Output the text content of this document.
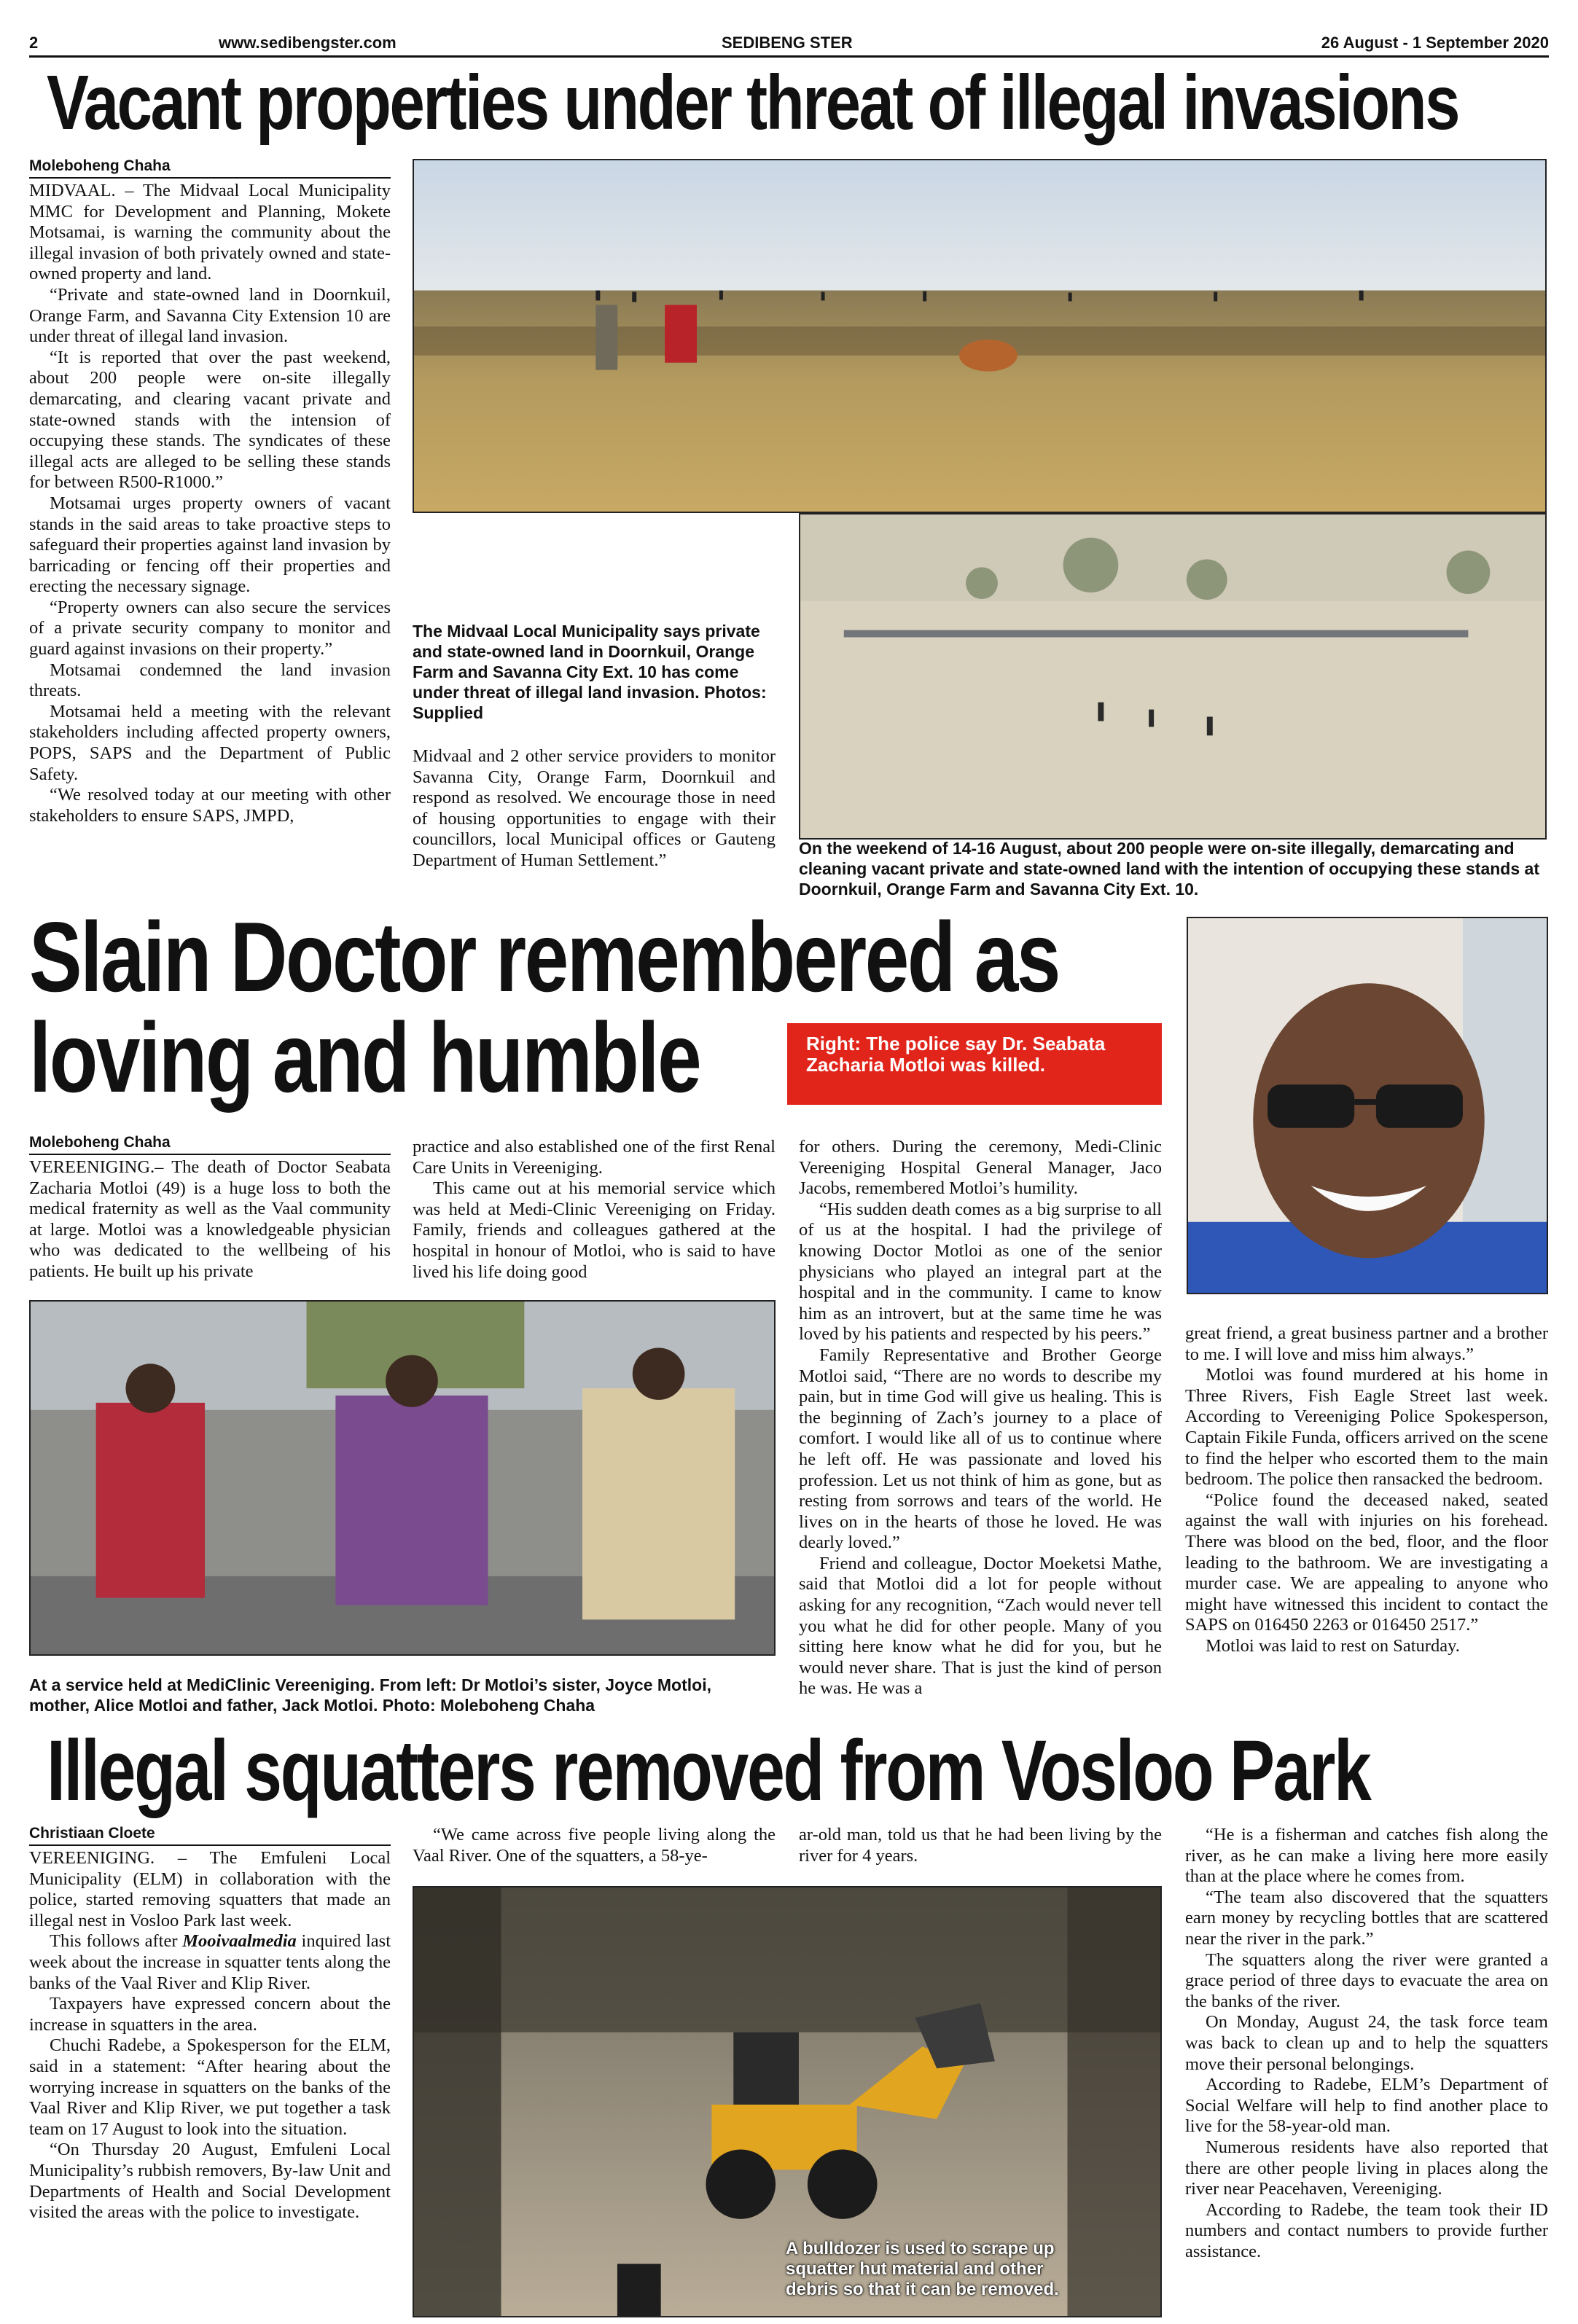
2	www.sedibengster.com	SEDIBENG STER	26 August - 1 September 2020
Vacant properties under threat of illegal invasions
Moleboheng Chaha

MIDVAAL. – The Midvaal Local Municipality MMC for Development and Planning, Mokete Motsamai, is warning the community about the illegal invasion of both privately owned and state-owned property and land.

“Private and state-owned land in Doornkuil, Orange Farm, and Savanna City Extension 10 are under threat of illegal land invasion.

“It is reported that over the past weekend, about 200 people were on-site illegally demarcating, and clearing vacant private and state-owned stands with the intension of occupying these stands. The syndicates of these illegal acts are alleged to be selling these stands for between R500-R1000.”

Motsamai urges property owners of vacant stands in the said areas to take proactive steps to safeguard their properties against land invasion by barricading or fencing off their properties and erecting the necessary signage.

“Property owners can also secure the services of a private security company to monitor and guard against invasions on their property.”

Motsamai condemned the land invasion threats.

Motsamai held a meeting with the relevant stakeholders including affected property owners, POPS, SAPS and the Department of Public Safety.

“We resolved today at our meeting with other stakeholders to ensure SAPS, JMPD,

The Midvaal Local Municipality says private and state-owned land in Doornkuil, Orange Farm and Savanna City Ext. 10 has come under threat of illegal land invasion. Photos: Supplied

Midvaal and 2 other service providers to monitor Savanna City, Orange Farm, Doornkuil and respond as resolved. We encourage those in need of housing opportunities to engage with their councillors, local Municipal offices or Gauteng Department of Human Settlement.”

On the weekend of 14-16 August, about 200 people were on-site illegally, demarcating and cleaning vacant private and state-owned land with the intention of occupying these stands at Doornkuil, Orange Farm and Savanna City Ext. 10.
Slain Doctor remembered as
loving and humble	Right: The police say Dr. Seabata Zacharia Motloi was killed.
Moleboheng Chaha

VEREENIGING.– The death of Doctor Seabata Zacharia Motloi (49) is a huge loss to both the medical fraternity as well as the Vaal community at large. Motloi was a knowledgeable physician who was dedicated to the wellbeing of his patients. He built up his private

practice and also established one of the first Renal Care Units in Vereeniging.

This came out at his memorial service which was held at Medi-Clinic Vereeniging on Friday. Family, friends and colleagues gathered at the hospital in honour of Motloi, who is said to have lived his life doing good

for others. During the ceremony, Medi-Clinic Vereeniging Hospital General Manager, Jaco Jacobs, remembered Motloi’s humility.

“His sudden death comes as a big surprise to all of us at the hospital. I had the privilege of knowing Doctor Motloi as one of the senior physicians who played an integral part at the hospital and in the community. I came to know him as an introvert, but at the same time he was loved by his patients and respected by his peers.”

Family Representative and Brother George Motloi said, “There are no words to describe my pain, but in time God will give us healing. This is the beginning of Zach’s journey to a place of comfort. I would like all of us to continue where he left off. He was passionate and loved his profession. Let us not think of him as gone, but as resting from sorrows and tears of the world. He lives on in the hearts of those he loved. He was dearly loved.”

Friend and colleague, Doctor Moeketsi Mathe, said that Motloi did a lot for people without asking for any recognition, “Zach would never tell you what he did for other people. Many of you sitting here know what he did for you, but he would never share. That is just the kind of person he was. He was a

great friend, a great business partner and a brother to me. I will love and miss him always.”

Motloi was found murdered at his home in Three Rivers, Fish Eagle Street last week. According to Vereeniging Police Spokesperson, Captain Fikile Funda, officers arrived on the scene to find the helper who escorted them to the main bedroom. The police then ransacked the bedroom.

“Police found the deceased naked, seated against the wall with injuries on his forehead. There was blood on the bed, floor, and the floor leading to the bathroom. We are investigating a murder case. We are appealing to anyone who might have witnessed this incident to contact the SAPS on 016450 2263 or 016450 2517.”

Motloi was laid to rest on Saturday.

At a service held at MediClinic Vereeniging. From left: Dr Motloi’s sister, Joyce Motloi, mother, Alice Motloi and father, Jack Motloi. Photo: Moleboheng Chaha
Illegal squatters removed from Vosloo Park
Christiaan Cloete

VEREENIGING. – The Emfuleni Local Municipality (ELM) in collaboration with the police, started removing squatters that made an illegal nest in Vosloo Park last week.

This follows after Mooivaalmedia inquired last week about the increase in squatter tents along the banks of the Vaal River and Klip River.

Taxpayers have expressed concern about the increase in squatters in the area.

Chuchi Radebe, a Spokesperson for the ELM, said in a statement: “After hearing about the worrying increase in squatters on the banks of the Vaal River and Klip River, we put together a task team on 17 August to look into the situation.

“On Thursday 20 August, Emfuleni Local Municipality’s rubbish removers, By-law Unit and Departments of Health and Social Development visited the areas with the police to investigate.

“We came across five people living along the Vaal River. One of the squatters, a 58-ye-

ar-old man, told us that he had been living by the river for 4 years.

“He is a fisherman and catches fish along the river, as he can make a living here more easily than at the place where he comes from.

“The team also discovered that the squatters earn money by recycling bottles that are scattered near the river in the park.”

The squatters along the river were granted a grace period of three days to evacuate the area on the banks of the river.

On Monday, August 24, the task force team was back to clean up and to help the squatters move their personal belongings.

According to Radebe, ELM’s Department of Social Welfare will help to find another place to live for the 58-year-old man.

Numerous residents have also reported that there are other people living in places along the river near Peacehaven, Vereeniging.

According to Radebe, the team took their ID numbers and contact numbers to provide further assistance.

A bulldozer is used to scrape up squatter hut material and other debris so that it can be removed.
